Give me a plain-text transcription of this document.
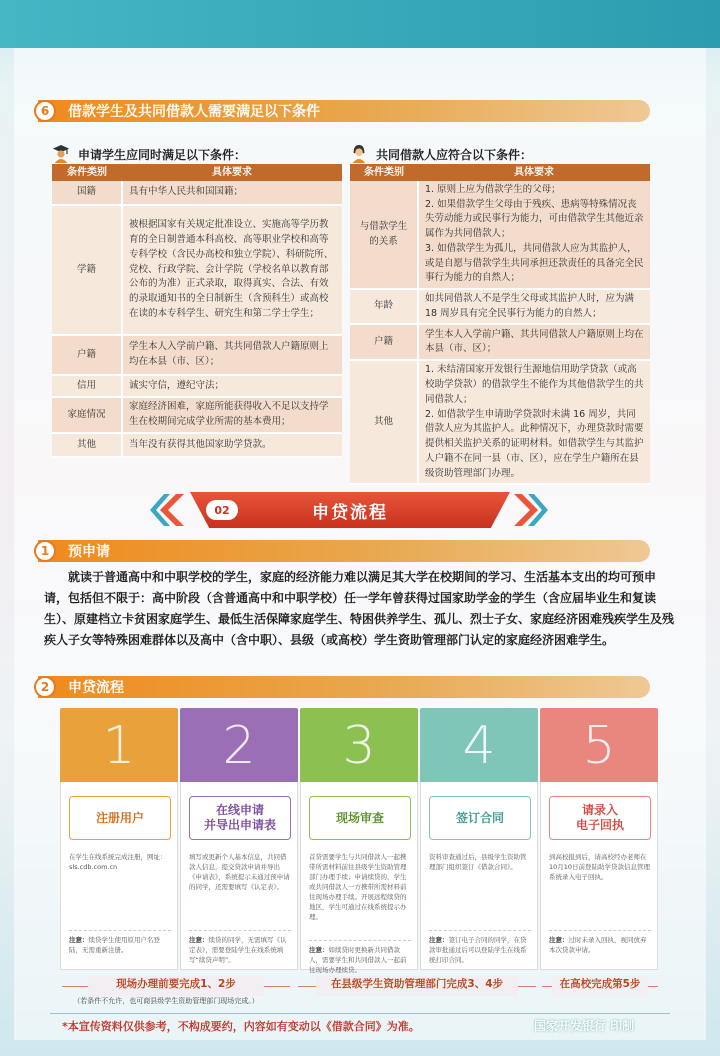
6	借款学生及共同借款人需要满足以下条件
申请学生应同时满足以下条件：
条件类别	具体要求
国籍	具有中华人民共和国国籍；
学籍	被根据国家有关规定批准设立、实施高等学历教育的全日制普通本科高校、高等职业学校和高等专科学校（含民办高校和独立学院）、科研院所、党校、行政学院、会计学院（学校名单以教育部公布的为准）正式录取，取得真实、合法、有效的录取通知书的全日制新生（含预科生）或高校在读的本专科学生、研究生和第二学士学生；
户籍	学生本人入学前户籍、其共同借款人户籍原则上均在本县（市、区）；
信用	诚实守信，遵纪守法；
家庭情况	家庭经济困难，家庭所能获得收入不足以支持学生在校期间完成学业所需的基本费用；
其他	当年没有获得其他国家助学贷款。
共同借款人应符合以下条件：
条件类别	具体要求
与借款学生的关系	1. 原则上应为借款学生的父母；
2. 如果借款学生父母由于残疾、患病等特殊情况丧失劳动能力或民事行为能力，可由借款学生其他近亲属作为共同借款人；
3. 如借款学生为孤儿，共同借款人应为其监护人，或是自愿与借款学生共同承担还款责任的具备完全民事行为能力的自然人；
年龄	如共同借款人不是学生父母或其监护人时，应为满 18 周岁具有完全民事行为能力的自然人；
户籍	学生本人入学前户籍、其共同借款人户籍原则上均在本县（市、区）；
其他	1. 未结清国家开发银行生源地信用助学贷款（或高校助学贷款）的借款学生不能作为其他借款学生的共同借款人；
2. 如借款学生申请助学贷款时未满 16 周岁，共同借款人应为其监护人。此种情况下，办理贷款时需要提供相关监护关系的证明材料。如借款学生与其监护人户籍不在同一县（市、区），应在学生户籍所在县级资助管理部门办理。
02	申贷流程
1	预申请
就读于普通高中和中职学校的学生，家庭的经济能力难以满足其大学在校期间的学习、生活基本支出的均可预申请，包括但不限于：高中阶段（含普通高中和中职学校）任一学年曾获得过国家助学金的学生（含应届毕业生和复读生）、原建档立卡贫困家庭学生、最低生活保障家庭学生、特困供养学生、孤儿、烈士子女、家庭经济困难残疾学生及残疾人子女等特殊困难群体以及高中（含中职）、县级（或高校）学生资助管理部门认定的家庭经济困难学生。
2	申贷流程
1
注册用户
在学生在线系统完成注册，网址：sls.cdb.com.cn
注意：续贷学生使用原用户名登陆，无需重新注册。
2
在线申请
并导出申请表
填写或更新个人基本信息，共同借款人信息，提交贷款申请并导出《申请表》，系统提示未通过预申请的同学，还需要填写《认定表》。
注意：续贷的同学，无需填写《认定表》，需要登陆学生在线系统填写“续贷声明”。
3
现场审查
首贷需要学生与共同借款人一起携带所需材料前往县级学生资助管理部门办理手续；申请续贷的，学生或共同借款人一方携带所需材料前往现场办理手续。开展远程续贷的地区，学生可通过在线系统提示办理。
注意：如续贷时更换新共同借款人，需要学生和共同借款人一起前往现场办理续贷。
4
签订合同
资料审查通过后，县级学生资助管理部门组织签订《借款合同》。
注意：签订电子合同的同学，在贷款审批通过后可以登陆学生在线系统打印合同。
5
请录入
电子回执
到高校报到后，请高校经办老师在10月10日前登陆助学贷款信息管理系统录入电子回执。
注意：过时未录入回执，视同放弃本次贷款申请。
现场办理前要完成1、2步
（若条件不允许，也可商县级学生资助管理部门现场完成。）
在县级学生资助管理部门完成3、4步	在高校完成第5步
*本宣传资料仅供参考，不构成要约，内容如有变动以《借款合同》为准。	国家开发银行 印制
